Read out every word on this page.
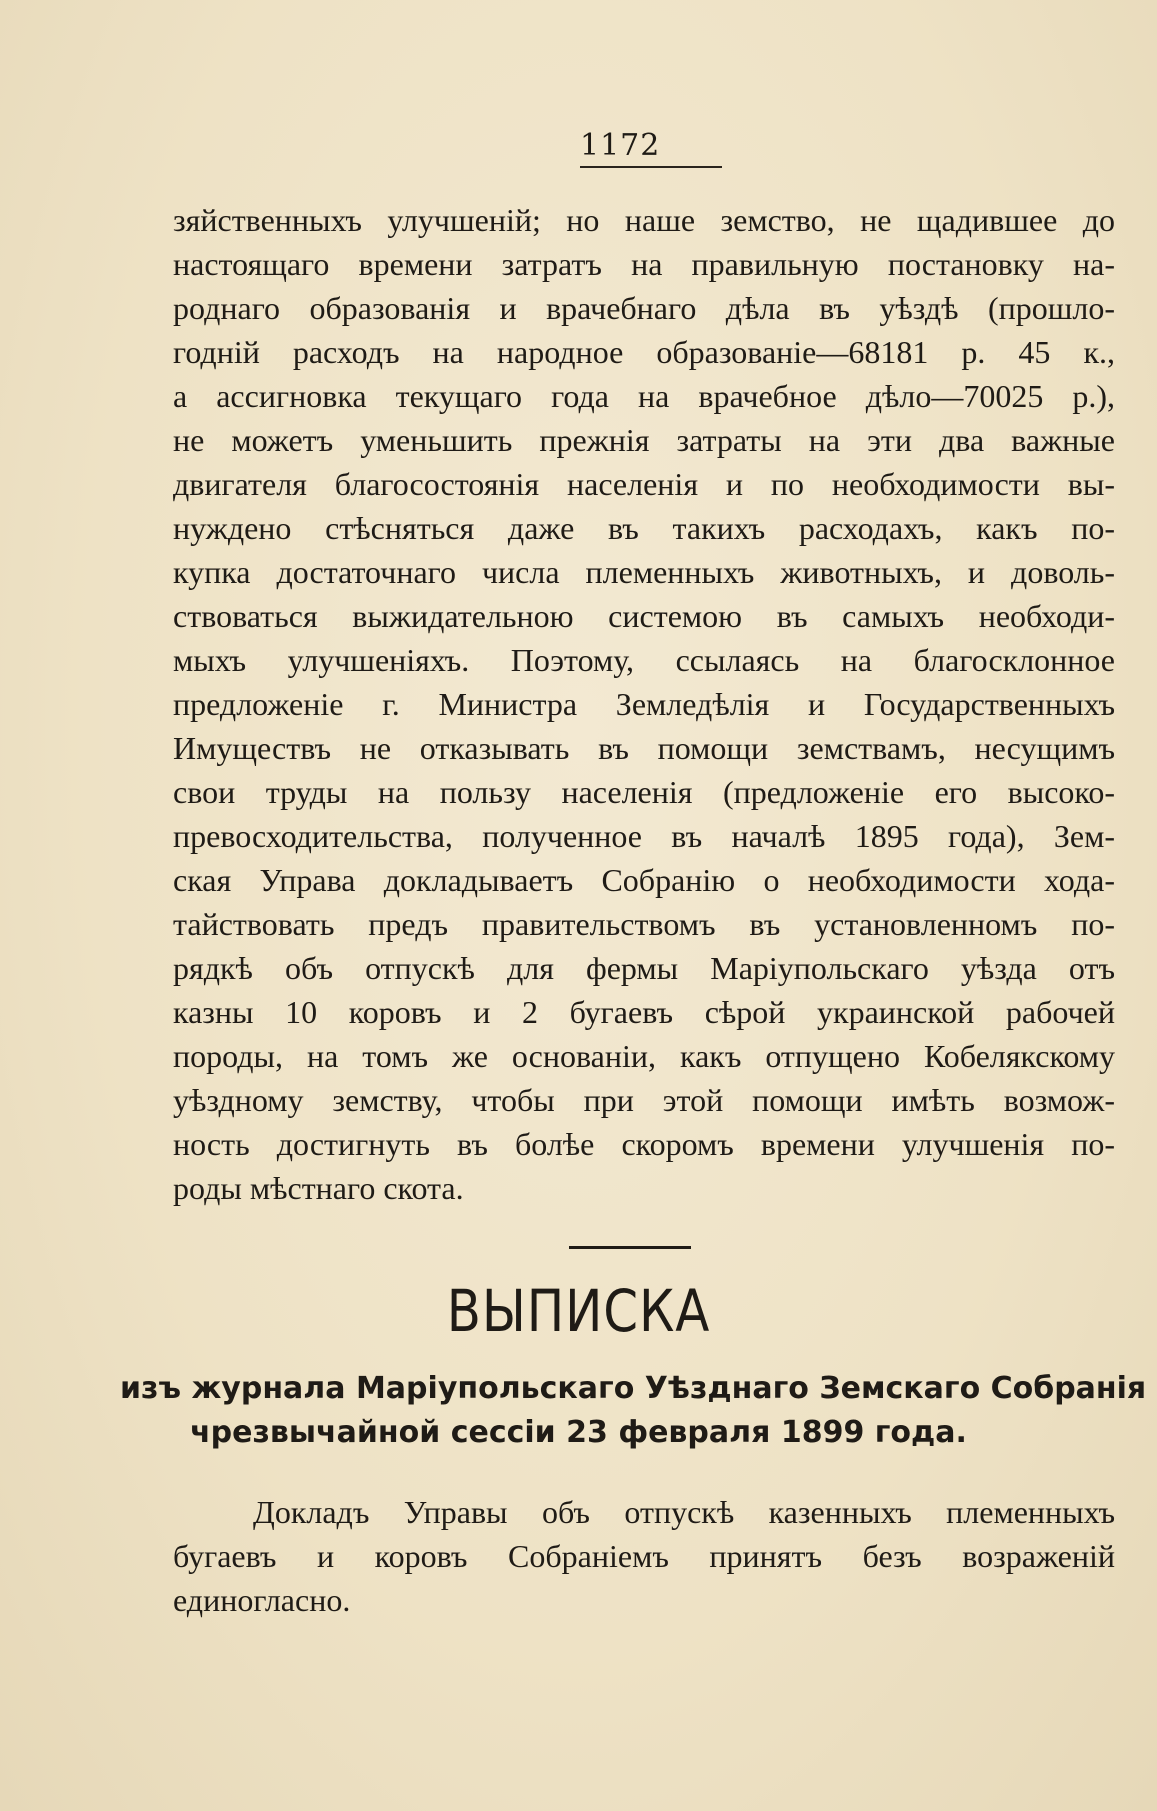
1172
зяйственныхъ улучшеній; но наше земство, не щадившее до
настоящаго времени затратъ на правильную постановку на-
роднаго образованія и врачебнаго дѣла въ уѣздѣ (прошло-
годній расходъ на народное образованіе—68181 р. 45 к.,
а ассигновка текущаго года на врачебное дѣло—70025 р.),
не можетъ уменьшить прежнія затраты на эти два важные
двигателя благосостоянія населенія и по необходимости вы-
нуждено стѣсняться даже въ такихъ расходахъ, какъ по-
купка достаточнаго числа племенныхъ животныхъ, и доволь-
ствоваться выжидательною системою въ самыхъ необходи-
мыхъ улучшеніяхъ. Поэтому, ссылаясь на благосклонное
предложеніе г. Министра Земледѣлія и Государственныхъ
Имуществъ не отказывать въ помощи земствамъ, несущимъ
свои труды на пользу населенія (предложеніе его высоко-
превосходительства, полученное въ началѣ 1895 года), Зем-
ская Управа докладываетъ Собранію о необходимости хода-
тайствовать предъ правительствомъ въ установленномъ по-
рядкѣ объ отпускѣ для фермы Маріупольскаго уѣзда отъ
казны 10 коровъ и 2 бугаевъ сѣрой украинской рабочей
породы, на томъ же основаніи, какъ отпущено Кобелякскому
уѣздному земству, чтобы при этой помощи имѣть возмож-
ность достигнуть въ болѣе скоромъ времени улучшенія по-
роды мѣстнаго скота.
ВЫПИСКА
изъ журнала Маріупольскаго Уѣзднаго Земскаго Собранія
чрезвычайной сессіи 23 февраля 1899 года.
Докладъ Управы объ отпускѣ казенныхъ племенныхъ
бугаевъ и коровъ Собраніемъ принятъ безъ возраженій
единогласно.
